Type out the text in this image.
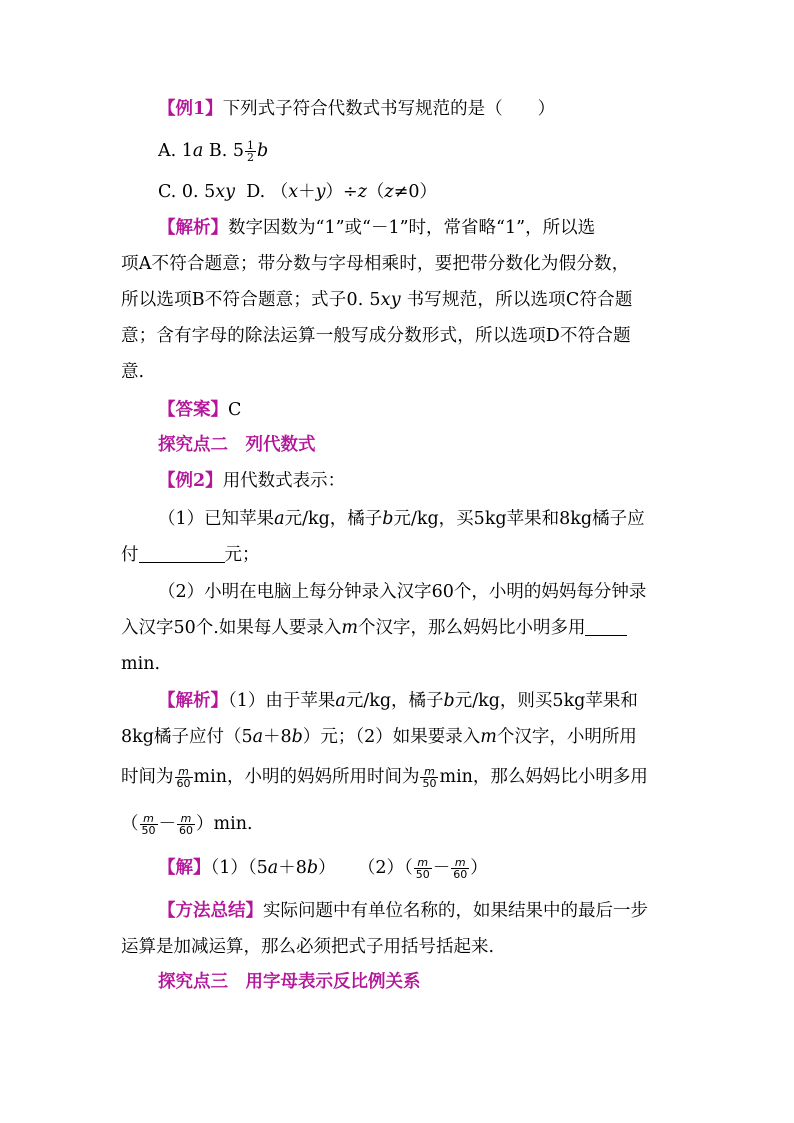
【例1】下列式子符合代数式书写规范的是（　　）
A. 1a B. $5 \frac{1}{2}$ b
C. 0. 5xy D. （x＋y）÷z（z≠0）
【解析】数字因数为“1”或“－1”时，常省略“1”，所以选
项A不符合题意；带分数与字母相乘时，要把带分数化为假分数，
所以选项B不符合题意；式子0. 5xy 书写规范，所以选项C符合题
意；含有字母的除法运算一般写成分数形式，所以选项D不符合题
意.
【答案】C
探究点二　列代数式
【例2】用代数式表示：
（1）已知苹果a元/kg，橘子b元/kg，买5kg苹果和8kg橘子应
付	元；
（2）小明在电脑上每分钟录入汉字60个，小明的妈妈每分钟录
入汉字50个.如果每人要录入m个汉字，那么妈妈比小明多用
min.
【解析】（1）由于苹果a元/kg，橘子b元/kg，则买5kg苹果和
8kg橘子应付（5a＋8b）元；（2）如果要录入m个汉字，小明所用
时间为 $\frac{m}{60}$ min，小明的妈妈所用时间为 $\frac{m}{50}$ min，那么妈妈比小明多用
（ $\frac{m}{50} - \frac{m}{60} )\min$.
【解】（1）（5a＋8b） $(2)( \frac{m}{50} - \frac{m}{60}$ ）
【方法总结】实际问题中有单位名称的，如果结果中的最后一步
运算是加减运算，那么必须把式子用括号括起来.
探究点三　用字母表示反比例关系
